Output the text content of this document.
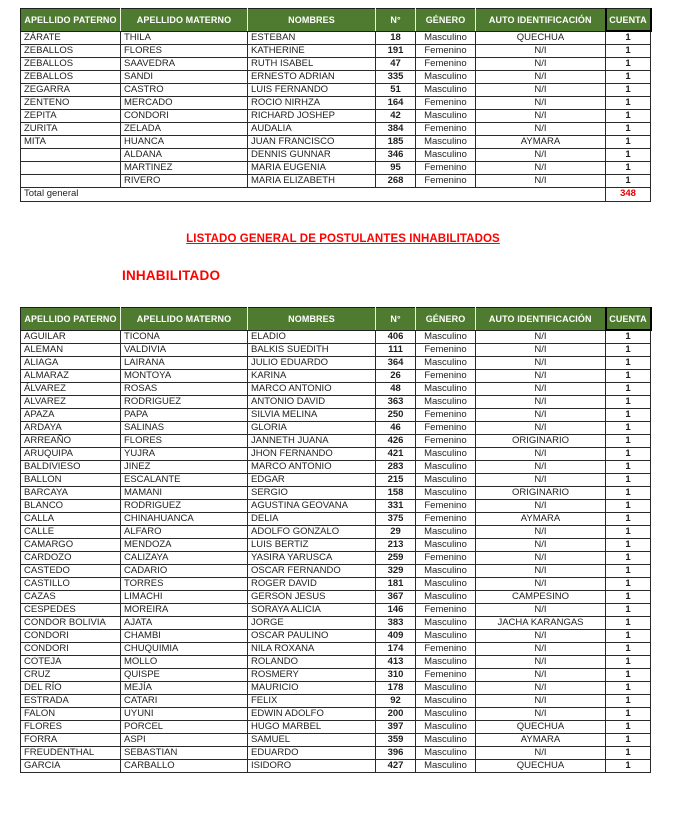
APELLIDO PATERNO	APELLIDO MATERNO	NOMBRES	N°	GÉNERO	AUTO IDENTIFICACIÓN	CUENTA
ZÁRATE	THILA	ESTEBAN	18	Masculino	QUECHUA	1
ZEBALLOS	FLORES	KATHERINE	191	Femenino	N/I	1
ZEBALLOS	SAAVEDRA	RUTH ISABEL	47	Femenino	N/I	1
ZEBALLOS	SANDI	ERNESTO ADRIAN	335	Masculino	N/I	1
ZEGARRA	CASTRO	LUIS FERNANDO	51	Masculino	N/I	1
ZENTENO	MERCADO	ROCIO NIRHZA	164	Femenino	N/I	1
ZEPITA	CONDORI	RICHARD JOSHEP	42	Masculino	N/I	1
ZURITA	ZELADA	AUDALIA	384	Femenino	N/I	1
MITA	HUANCA	JUAN FRANCISCO	185	Masculino	AYMARA	1
	ALDANA	DENNIS GUNNAR	346	Masculino	N/I	1
	MARTINEZ	MARIA EUGENIA	95	Femenino	N/I	1
	RIVERO	MARIA ELIZABETH	268	Femenino	N/I	1
Total general						348
LISTADO GENERAL DE POSTULANTES INHABILITADOS
INHABILITADO
APELLIDO PATERNO	APELLIDO MATERNO	NOMBRES	N°	GÉNERO	AUTO IDENTIFICACIÓN	CUENTA
AGUILAR	TICONA	ELADIO	406	Masculino	N/I	1
ALEMAN	VALDIVIA	BALKIS SUEDITH	111	Femenino	N/I	1
ALIAGA	LAIRANA	JULIO EDUARDO	364	Masculino	N/I	1
ALMARAZ	MONTOYA	KARINA	26	Femenino	N/I	1
ÁLVAREZ	ROSAS	MARCO ANTONIO	48	Masculino	N/I	1
ALVAREZ	RODRIGUEZ	ANTONIO DAVID	363	Masculino	N/I	1
APAZA	PAPA	SILVIA MELINA	250	Femenino	N/I	1
ARDAYA	SALINAS	GLORIA	46	Femenino	N/I	1
ARREAÑO	FLORES	JANNETH JUANA	426	Femenino	ORIGINARIO	1
ARUQUIPA	YUJRA	JHON FERNANDO	421	Masculino	N/I	1
BALDIVIESO	JINEZ	MARCO ANTONIO	283	Masculino	N/I	1
BALLON	ESCALANTE	EDGAR	215	Masculino	N/I	1
BARCAYA	MAMANI	SERGIO	158	Masculino	ORIGINARIO	1
BLANCO	RODRIGUEZ	AGUSTINA GEOVANA	331	Femenino	N/I	1
CALLA	CHINAHUANCA	DELIA	375	Femenino	AYMARA	1
CALLE	ALFARO	ADOLFO GONZALO	29	Masculino	N/I	1
CAMARGO	MENDOZA	LUIS BERTIZ	213	Masculino	N/I	1
CARDOZO	CALIZAYA	YASIRA YARUSCA	259	Femenino	N/I	1
CASTEDO	CADARIO	OSCAR FERNANDO	329	Masculino	N/I	1
CASTILLO	TORRES	ROGER DAVID	181	Masculino	N/I	1
CAZAS	LIMACHI	GERSON JESUS	367	Masculino	CAMPESINO	1
CESPEDES	MOREIRA	SORAYA ALICIA	146	Femenino	N/I	1
CONDOR BOLIVIA	AJATA	JORGE	383	Masculino	JACHA KARANGAS	1
CONDORI	CHAMBI	OSCAR PAULINO	409	Masculino	N/I	1
CONDORI	CHUQUIMIA	NILA ROXANA	174	Femenino	N/I	1
COTEJA	MOLLO	ROLANDO	413	Masculino	N/I	1
CRUZ	QUISPE	ROSMERY	310	Femenino	N/I	1
DEL RÍO	MEJÍA	MAURICIO	178	Masculino	N/I	1
ESTRADA	CATARI	FELIX	92	Masculino	N/I	1
FALON	UYUNI	EDWIN ADOLFO	200	Masculino	N/I	1
FLORES	PORCEL	HUGO MARBEL	397	Masculino	QUECHUA	1
FORRA	ASPI	SAMUEL	359	Masculino	AYMARA	1
FREUDENTHAL	SEBASTIAN	EDUARDO	396	Masculino	N/I	1
GARCIA	CARBALLO	ISIDORO	427	Masculino	QUECHUA	1
